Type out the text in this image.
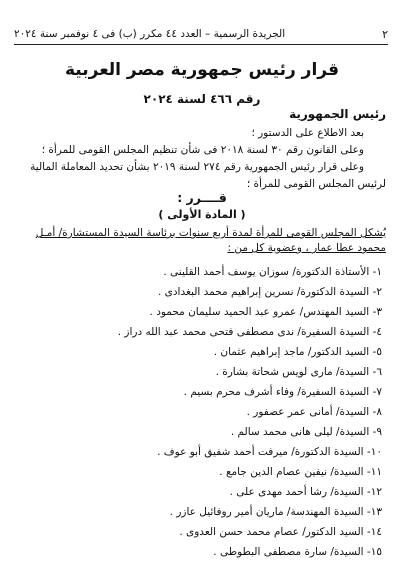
٢
الجريدة الرسمية – العدد ٤٤ مكرر (ب) فى ٤ نوفمبر سنة ٢٠٢٤
قرار رئيس جمهورية مصر العربية
رقم ٤٦٦ لسنة ٢٠٢٤
رئيس الجمهورية
بعد الاطلاع على الدستور ؛
وعلى القانون رقم ٣٠ لسنة ٢٠١٨ فى شأن تنظيم المجلس القومى للمرأة ؛
وعلى قرار رئيس الجمهورية رقم ٢٧٤ لسنة ٢٠١٩ بشأن تحديد المعاملة المالية
لرئيس المجلس القومى للمرأة ؛
قــــرر :
( المادة الأولى )
يُشكل المجلس القومى للمرأة لمدة أربع سنوات برئاسة السيدة المستشارة/ أمـل
محمود عطا عمار ، وعضوية كل من :
١- الأستاذة الدكتورة/ سوزان يوسف أحمد القلينى .
٢- السيدة الدكتورة/ نسرين إبراهيم محمد البغدادى .
٣- السيد المهندس/ عمرو عبد الحميد سليمان محمود .
٤- السيدة السفيرة/ ندى مصطفى فتحى محمد عبد الله دراز .
٥- السيد الدكتور/ ماجد إبراهيم عثمان .
٦- السيدة/ مارى لويس شحاتة بشارة .
٧- السيدة السفيرة/ وفاء أشرف محرم بسيم .
٨- السيدة/ أمانى عمر عصفور .
٩- السيدة/ ليلى هانى محمد سالم .
١٠- السيدة الدكتورة/ ميرفت أحمد شفيق أبو عوف .
١١- السيدة/ نيفين عصام الدين جامع .
١٢- السيدة/ رشا أحمد مهدى على .
١٣- السيدة المهندسة/ ماريان أمير روفائيل عازر .
١٤- السيد الدكتور/ عصام محمد حسن العدوى .
١٥- السيدة/ سارة مصطفى البطوطى .
